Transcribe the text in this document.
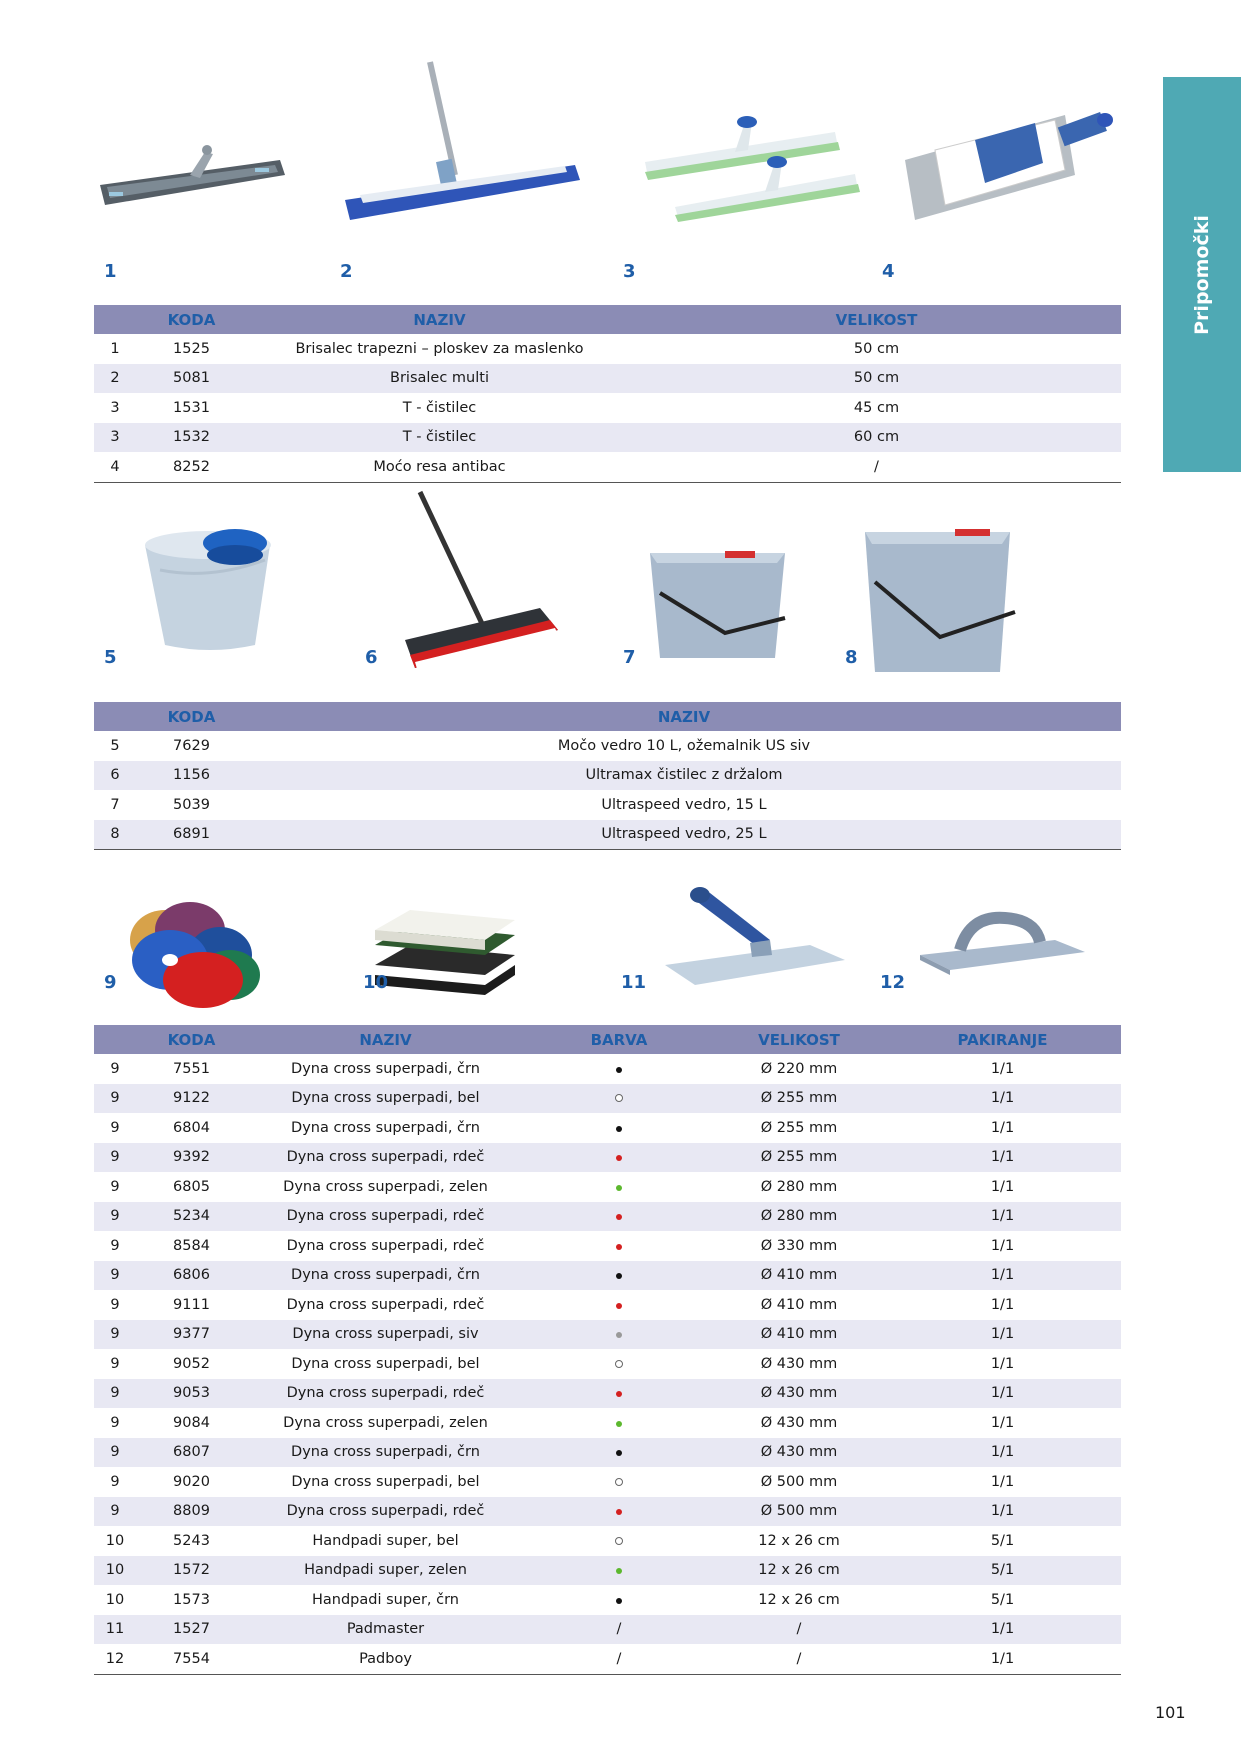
Pripomočki
1	2	3	4
	KODA	NAZIV	VELIKOST
1	1525	Brisalec trapezni – ploskev za maslenko	50 cm
2	5081	Brisalec multi	50 cm
3	1531	T - čistilec	45 cm
3	1532	T - čistilec	60 cm
4	8252	Moćo resa antibac	/
5	6	7	8
	KODA	NAZIV
5	7629	Močo vedro 10 L, ožemalnik US siv
6	1156	Ultramax čistilec z držalom
7	5039	Ultraspeed vedro, 15 L
8	6891	Ultraspeed vedro, 25 L
9	10	11	12
	KODA	NAZIV	BARVA	VELIKOST	PAKIRANJE
9	7551	Dyna cross superpadi, črn		Ø 220 mm	1/1
9	9122	Dyna cross superpadi, bel		Ø 255 mm	1/1
9	6804	Dyna cross superpadi, črn		Ø 255 mm	1/1
9	9392	Dyna cross superpadi, rdeč		Ø 255 mm	1/1
9	6805	Dyna cross superpadi, zelen		Ø 280 mm	1/1
9	5234	Dyna cross superpadi, rdeč		Ø 280 mm	1/1
9	8584	Dyna cross superpadi, rdeč		Ø 330 mm	1/1
9	6806	Dyna cross superpadi, črn		Ø 410 mm	1/1
9	9111	Dyna cross superpadi, rdeč		Ø 410 mm	1/1
9	9377	Dyna cross superpadi, siv		Ø 410 mm	1/1
9	9052	Dyna cross superpadi, bel		Ø 430 mm	1/1
9	9053	Dyna cross superpadi, rdeč		Ø 430 mm	1/1
9	9084	Dyna cross superpadi, zelen		Ø 430 mm	1/1
9	6807	Dyna cross superpadi, črn		Ø 430 mm	1/1
9	9020	Dyna cross superpadi, bel		Ø 500 mm	1/1
9	8809	Dyna cross superpadi, rdeč		Ø 500 mm	1/1
10	5243	Handpadi super, bel		12 x 26 cm	5/1
10	1572	Handpadi super, zelen		12 x 26 cm	5/1
10	1573	Handpadi super, črn		12 x 26 cm	5/1
11	1527	Padmaster	/	/	1/1
12	7554	Padboy	/	/	1/1
101
